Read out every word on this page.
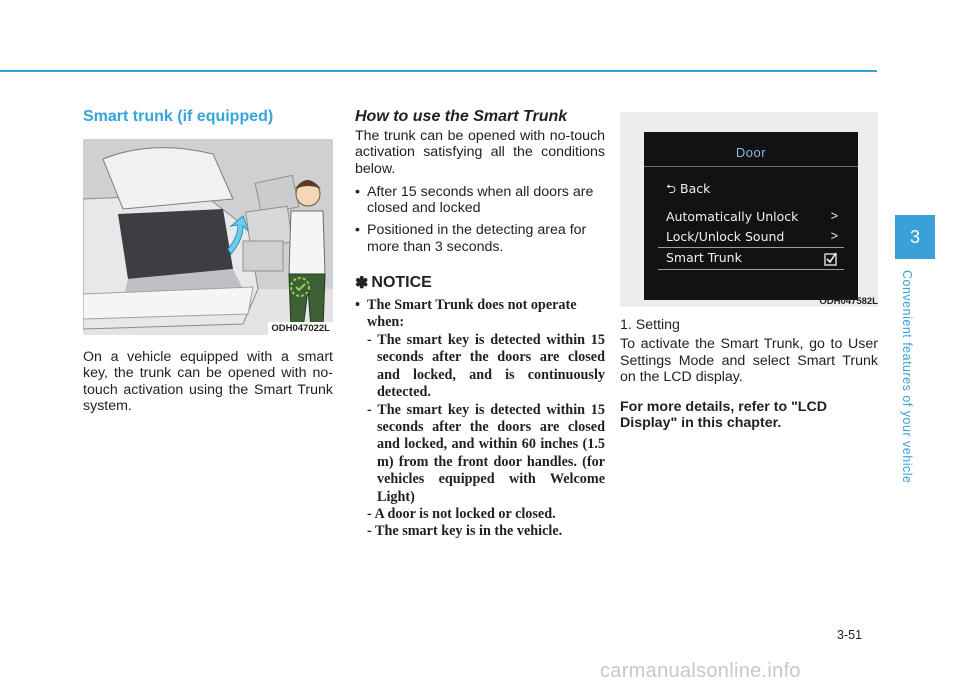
Smart trunk (if equipped)
ODH047022L

On a vehicle equipped with a smart key, the trunk can be opened with no-touch activation using the Smart Trunk system.

How to use the Smart Trunk

The trunk can be opened with no-touch activation satisfying all the conditions below.

• After 15 seconds when all doors are closed and locked
• Positioned in the detecting area for more than 3 seconds.
✽ NOTICE
• The Smart Trunk does not operate when:
- The smart key is detected within 15 seconds after the doors are closed and locked, and is continuously detected.
- The smart key is detected within 15 seconds after the doors are closed and locked, and within 60 inches (1.5 m) from the front door handles. (for vehicles equipped with Welcome Light)
- A door is not locked or closed.
- The smart key is in the vehicle.
Door
⮌ Back
Automatically Unlock	>
Lock/Unlock Sound	>
Smart Trunk
ODH047582L

1. Setting

To activate the Smart Trunk, go to User Settings Mode and select Smart Trunk on the LCD display.

For more details, refer to "LCD Display" in this chapter.

3
Convenient features of your vehicle
3-51
carmanualsonline.info
